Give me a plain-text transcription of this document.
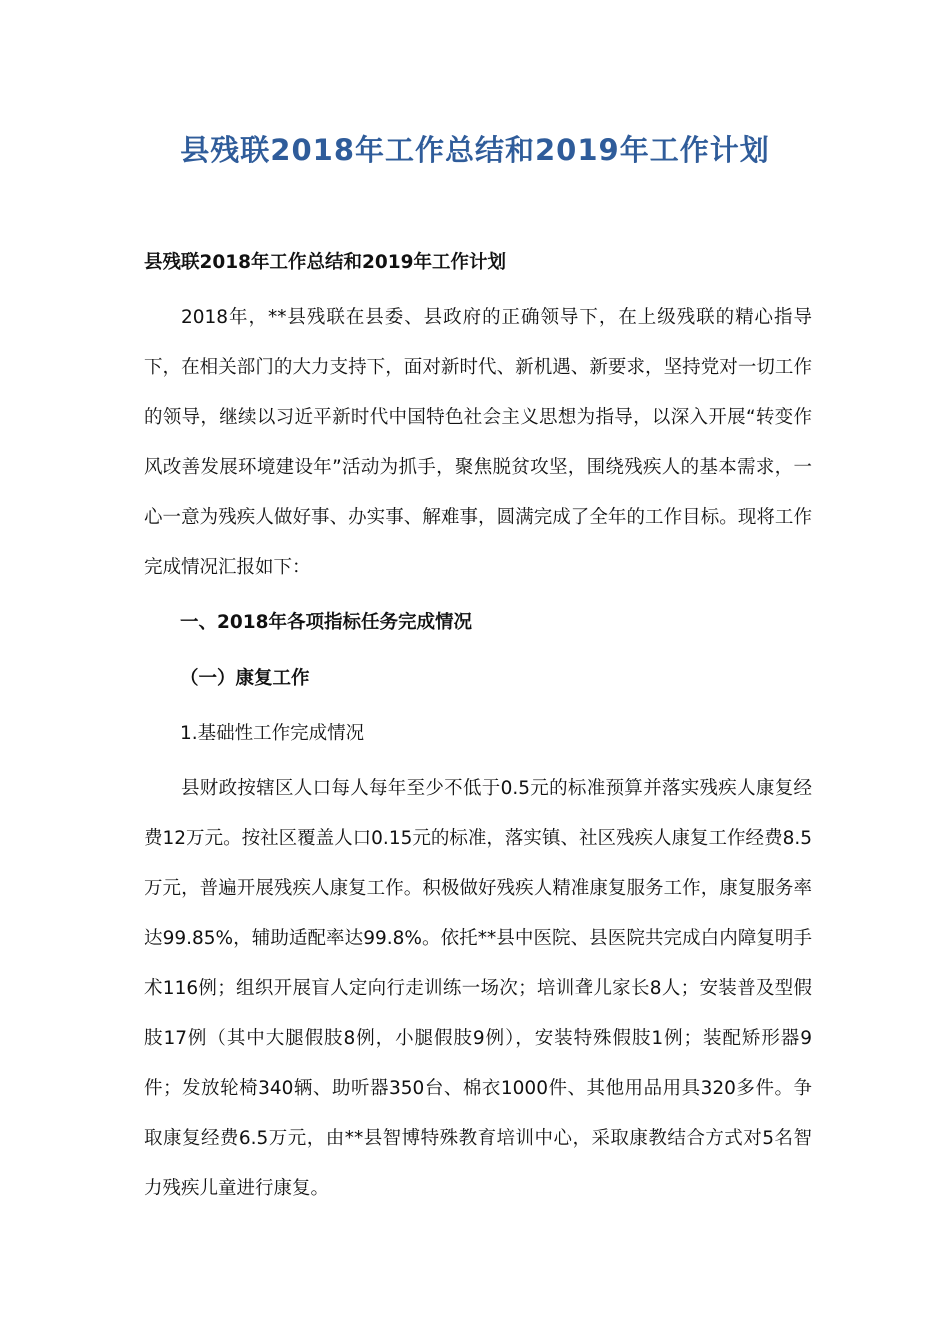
县残联2018年工作总结和2019年工作计划

县残联2018年工作总结和2019年工作计划

2018年，**县残联在县委、县政府的正确领导下，在上级残联的精心指导下，在相关部门的大力支持下，面对新时代、新机遇、新要求，坚持党对一切工作的领导，继续以习近平新时代中国特色社会主义思想为指导，以深入开展“转变作风改善发展环境建设年”活动为抓手，聚焦脱贫攻坚，围绕残疾人的基本需求，一心一意为残疾人做好事、办实事、解难事，圆满完成了全年的工作目标。现将工作完成情况汇报如下：

一、2018年各项指标任务完成情况
（一）康复工作

1.基础性工作完成情况

县财政按辖区人口每人每年至少不低于0.5元的标准预算并落实残疾人康复经费12万元。按社区覆盖人口0.15元的标准，落实镇、社区残疾人康复工作经费8.5万元，普遍开展残疾人康复工作。积极做好残疾人精准康复服务工作，康复服务率达99.85%，辅助适配率达99.8%。依托**县中医院、县医院共完成白内障复明手术116例；组织开展盲人定向行走训练一场次；培训聋儿家长8人；安装普及型假肢17例（其中大腿假肢8例，小腿假肢9例），安装特殊假肢1例；装配矫形器9件；发放轮椅340辆、助听器350台、棉衣1000件、其他用品用具320多件。争取康复经费6.5万元，由**县智博特殊教育培训中心，采取康教结合方式对5名智力残疾儿童进行康复。
